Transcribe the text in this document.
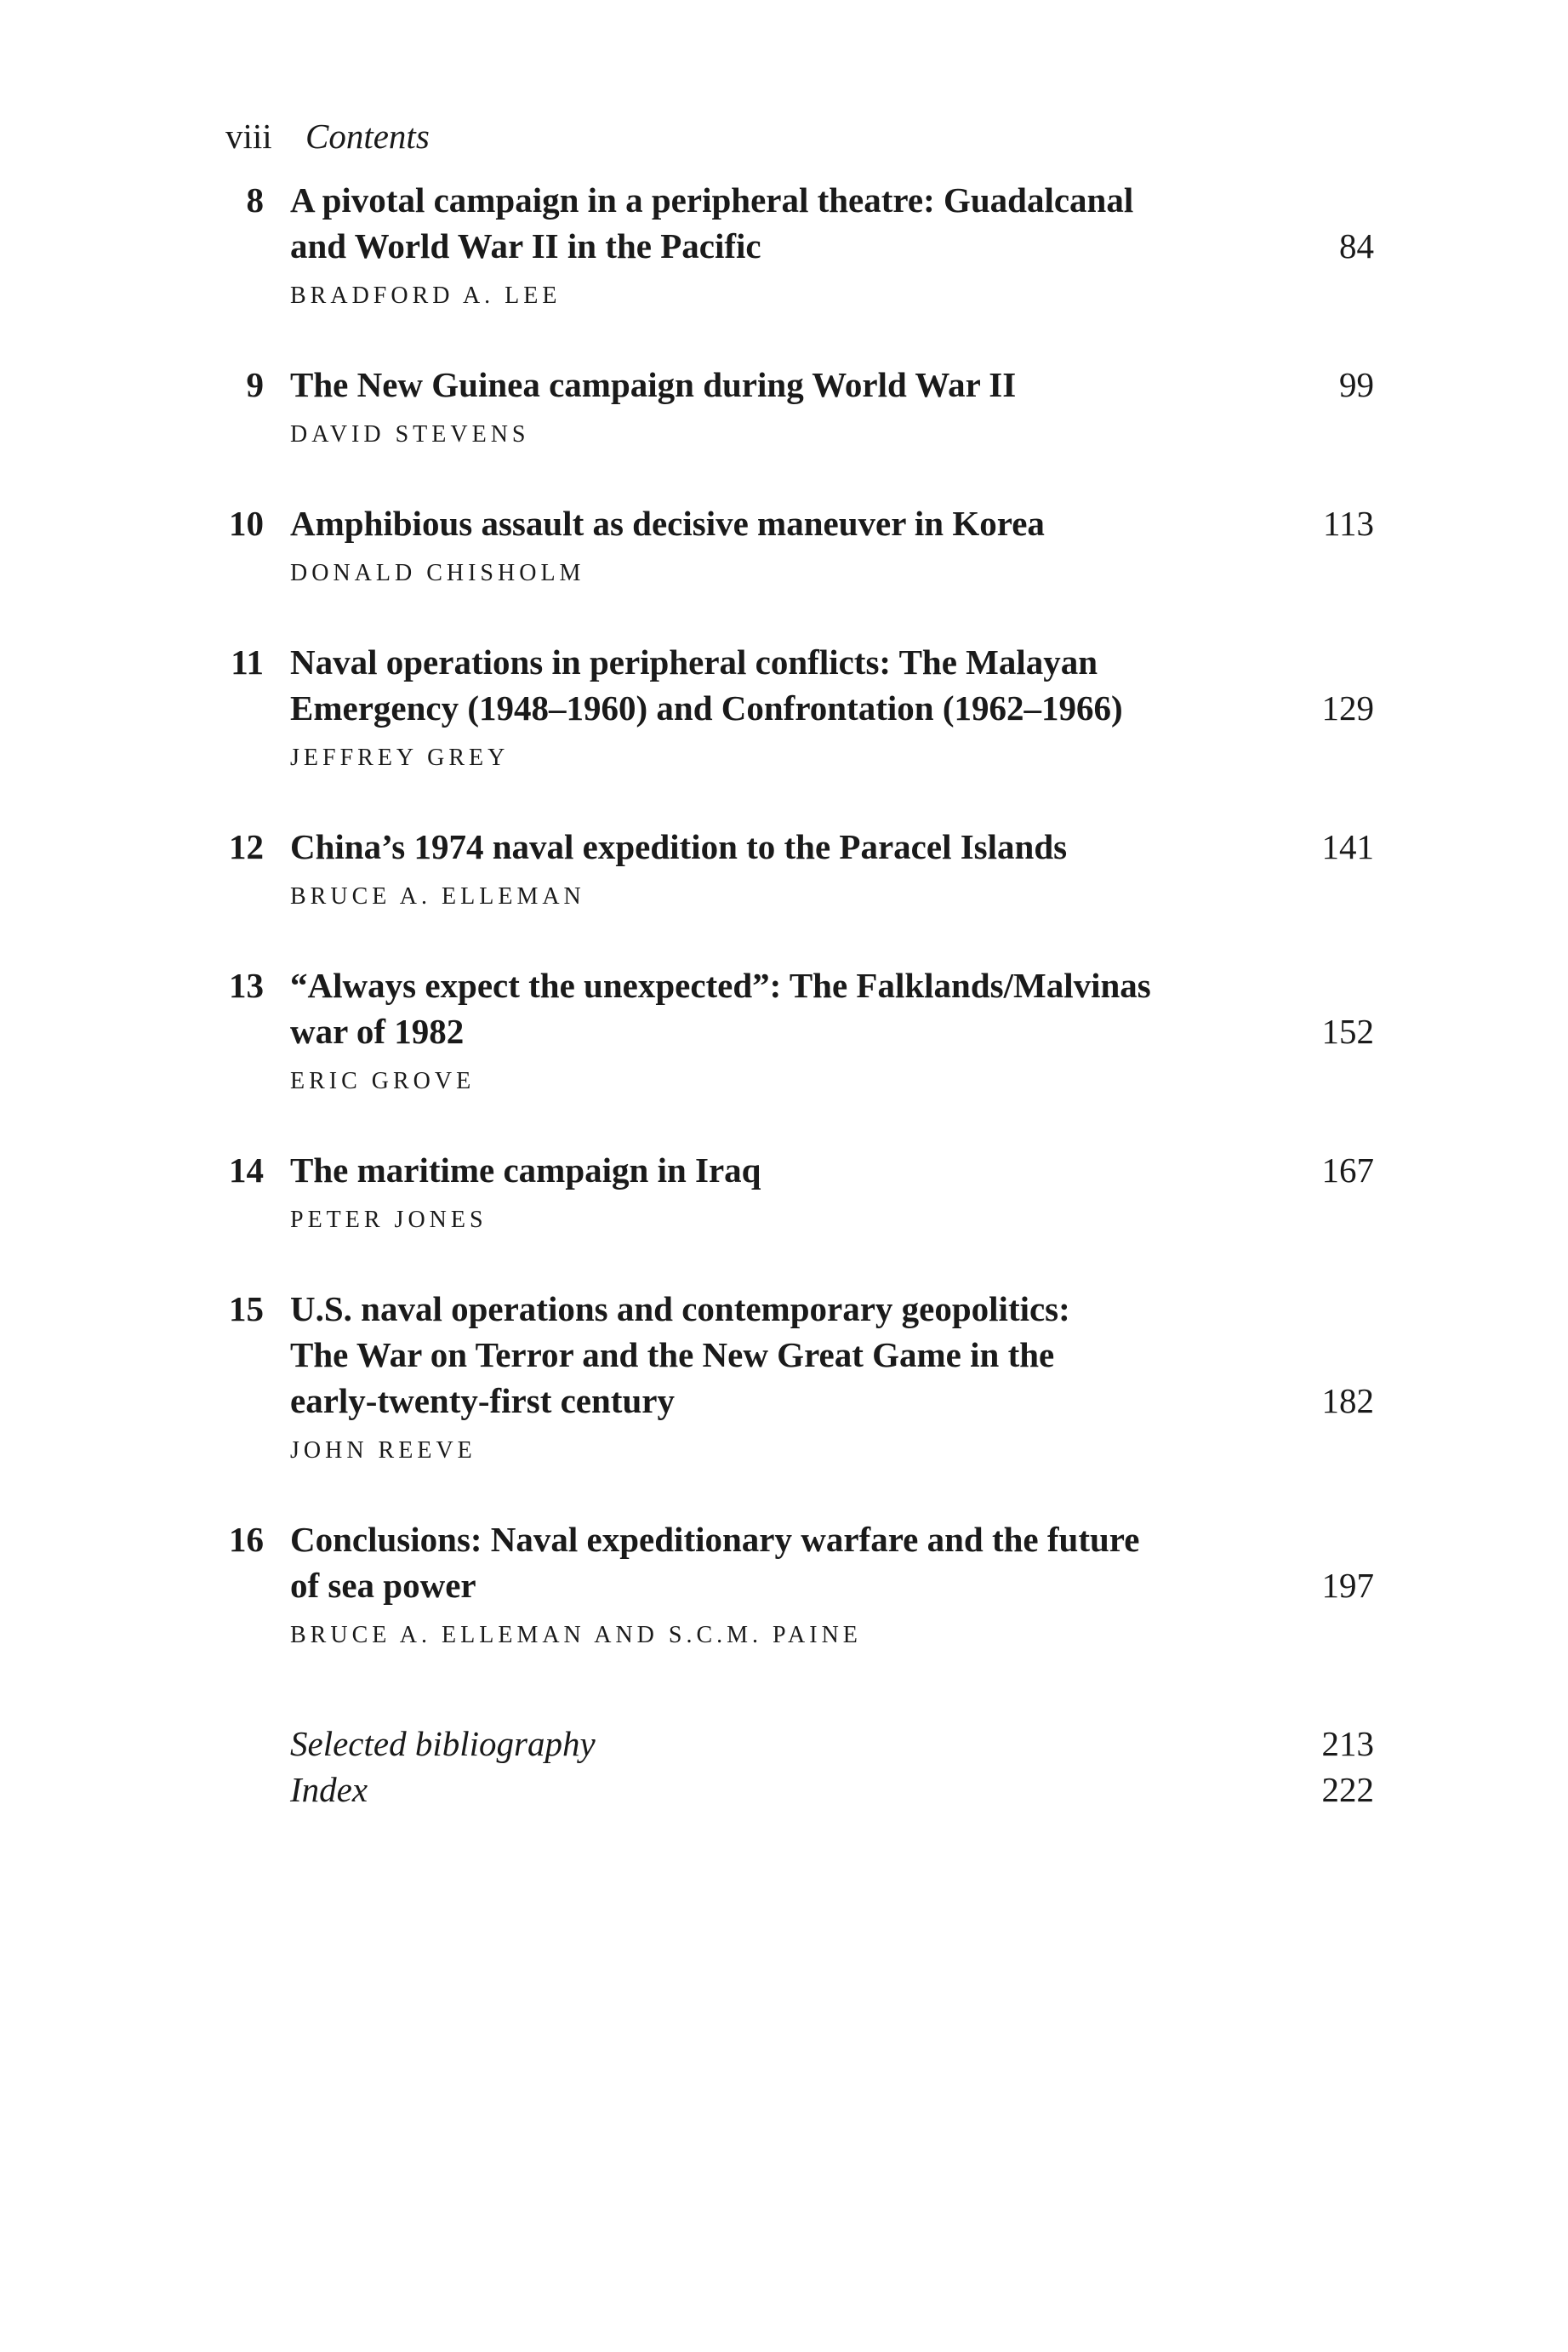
viii Contents
8 A pivotal campaign in a peripheral theatre: Guadalcanal
and World War II in the Pacific	84
BRADFORD A. LEE
9 The New Guinea campaign during World War II	99
DAVID STEVENS
10 Amphibious assault as decisive maneuver in Korea	113
DONALD CHISHOLM
11 Naval operations in peripheral conflicts: The Malayan
Emergency (1948–1960) and Confrontation (1962–1966)	129
JEFFREY GREY
12 China’s 1974 naval expedition to the Paracel Islands	141
BRUCE A. ELLEMAN
13 “Always expect the unexpected”: The Falklands/Malvinas
war of 1982	152
ERIC GROVE
14 The maritime campaign in Iraq	167
PETER JONES
15 U.S. naval operations and contemporary geopolitics:
The War on Terror and the New Great Game in the
early-twenty-first century	182
JOHN REEVE
16 Conclusions: Naval expeditionary warfare and the future
of sea power	197
BRUCE A. ELLEMAN AND S.C.M. PAINE
Selected bibliography	213
Index	222
